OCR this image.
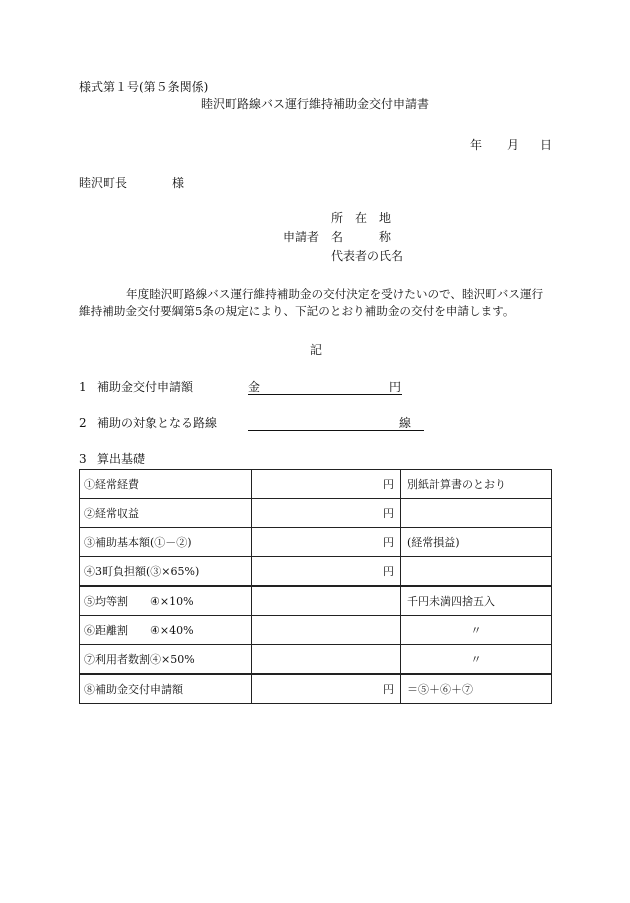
様式第１号(第５条関係)
睦沢町路線バス運行維持補助金交付申請書
年 月 日
睦沢町長	様
所　在　地
申請者 名　　　称
代表者の氏名
年度睦沢町路線バス運行維持補助金の交付決定を受けたいので、睦沢町バス運行
維持補助金交付要綱第5条の規定により、下記のとおり補助金の交付を申請します。
記
1 補助金交付申請額	金	円
2 補助の対象となる路線	線
3 算出基礎
①経常経費	円	別紙計算書のとおり
②経常収益	円	
③補助基本額(①－②)	円	(経常損益)
④3町負担額(③×65%)	円	
⑤均等割 ④×10%		千円未満四捨五入
⑥距離割 ④×40%		〃
⑦利用者数割④×50%		〃
⑧補助金交付申請額	円	＝⑤＋⑥＋⑦
